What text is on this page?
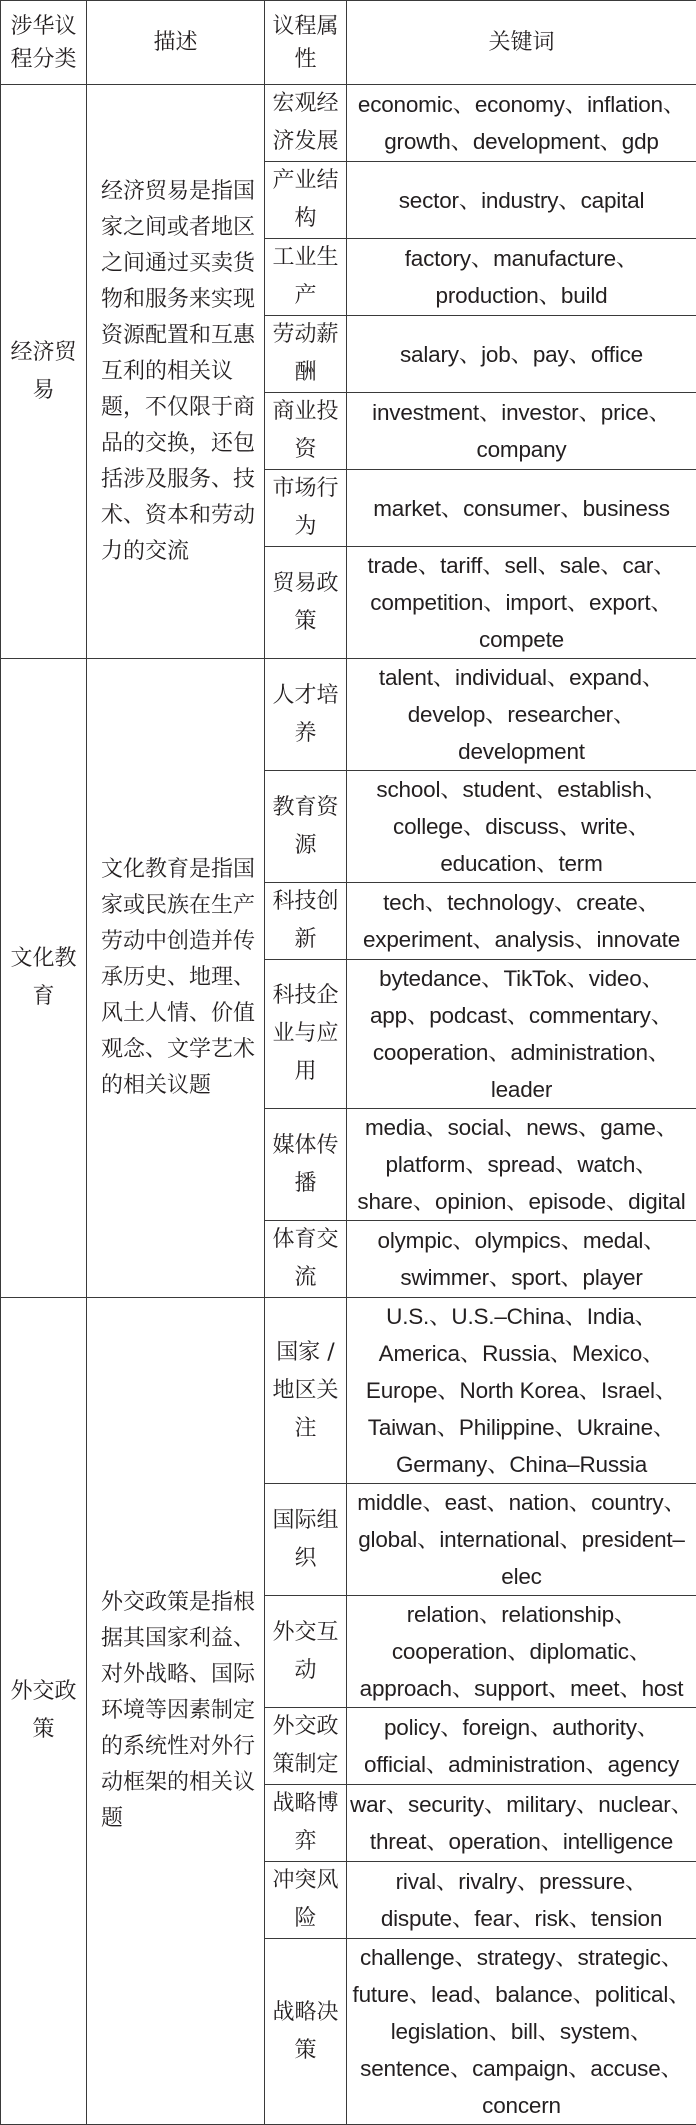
涉华议程分类	描述	议程属性	关键词
经济贸易	经济贸易是指国家之间或者地区之间通过买卖货物和服务来实现资源配置和互惠互利的相关议题，不仅限于商品的交换，还包括涉及服务、技术、资本和劳动力的交流	宏观经济发展	economic、economy、inflation、growth、development、gdp
		产业结构	sector、industry、capital
		工业生产	factory、manufacture、production、build
		劳动薪酬	salary、job、pay、office
		商业投资	investment、investor、price、company
		市场行为	market、consumer、business
		贸易政策	trade、tariff、sell、sale、car、competition、import、export、compete
文化教育	文化教育是指国家或民族在生产劳动中创造并传承历史、地理、风土人情、价值观念、文学艺术的相关议题	人才培养	talent、individual、expand、develop、researcher、development
		教育资源	school、student、establish、college、discuss、write、education、term
		科技创新	tech、technology、create、experiment、analysis、innovate
		科技企业与应用	bytedance、TikTok、video、app、podcast、commentary、cooperation、administration、leader
		媒体传播	media、social、news、game、platform、spread、watch、share、opinion、episode、digital
		体育交流	olympic、olympics、medal、swimmer、sport、player
外交政策	外交政策是指根据其国家利益、对外战略、国际环境等因素制定的系统性对外行动框架的相关议题	国家 / 地区关注	U.S.、U.S.–China、India、America、Russia、Mexico、Europe、North Korea、Israel、Taiwan、Philippine、Ukraine、Germany、China–Russia
		国际组织	middle、east、nation、country、global、international、president–elec
		外交互动	relation、relationship、cooperation、diplomatic、approach、support、meet、host
		外交政策制定	policy、foreign、authority、official、administration、agency
		战略博弈	war、security、military、nuclear、threat、operation、intelligence
		冲突风险	rival、rivalry、pressure、dispute、fear、risk、tension
		战略决策	challenge、strategy、strategic、future、lead、balance、political、legislation、bill、system、sentence、campaign、accuse、concern
